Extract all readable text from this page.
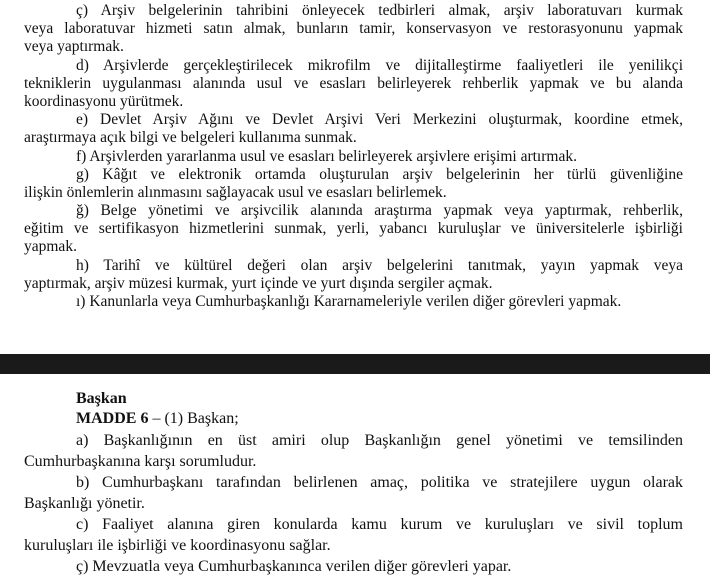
ç) Arşiv belgelerinin tahribini önleyecek tedbirleri almak, arşiv laboratuvarı kurmak
veya laboratuvar hizmeti satın almak, bunların tamir, konservasyon ve restorasyonunu yapmak
veya yaptırmak.
d) Arşivlerde gerçekleştirilecek mikrofilm ve dijitalleştirme faaliyetleri ile yenilikçi
tekniklerin uygulanması alanında usul ve esasları belirleyerek rehberlik yapmak ve bu alanda
koordinasyonu yürütmek.
e) Devlet Arşiv Ağını ve Devlet Arşivi Veri Merkezini oluşturmak, koordine etmek,
araştırmaya açık bilgi ve belgeleri kullanıma sunmak.
f) Arşivlerden yararlanma usul ve esasları belirleyerek arşivlere erişimi artırmak.
g) Kâğıt ve elektronik ortamda oluşturulan arşiv belgelerinin her türlü güvenliğine
ilişkin önlemlerin alınmasını sağlayacak usul ve esasları belirlemek.
ğ) Belge yönetimi ve arşivcilik alanında araştırma yapmak veya yaptırmak, rehberlik,
eğitim ve sertifikasyon hizmetlerini sunmak, yerli, yabancı kuruluşlar ve üniversitelerle işbirliği
yapmak.
h) Tarihî ve kültürel değeri olan arşiv belgelerini tanıtmak, yayın yapmak veya
yaptırmak, arşiv müzesi kurmak, yurt içinde ve yurt dışında sergiler açmak.
ı) Kanunlarla veya Cumhurbaşkanlığı Kararnameleriyle verilen diğer görevleri yapmak.
Başkan
MADDE 6 – (1) Başkan;
a) Başkanlığının en üst amiri olup Başkanlığın genel yönetimi ve temsilinden
Cumhurbaşkanına karşı sorumludur.
b) Cumhurbaşkanı tarafından belirlenen amaç, politika ve stratejilere uygun olarak
Başkanlığı yönetir.
c) Faaliyet alanına giren konularda kamu kurum ve kuruluşları ve sivil toplum
kuruluşları ile işbirliği ve koordinasyonu sağlar.
ç) Mevzuatla veya Cumhurbaşkanınca verilen diğer görevleri yapar.
